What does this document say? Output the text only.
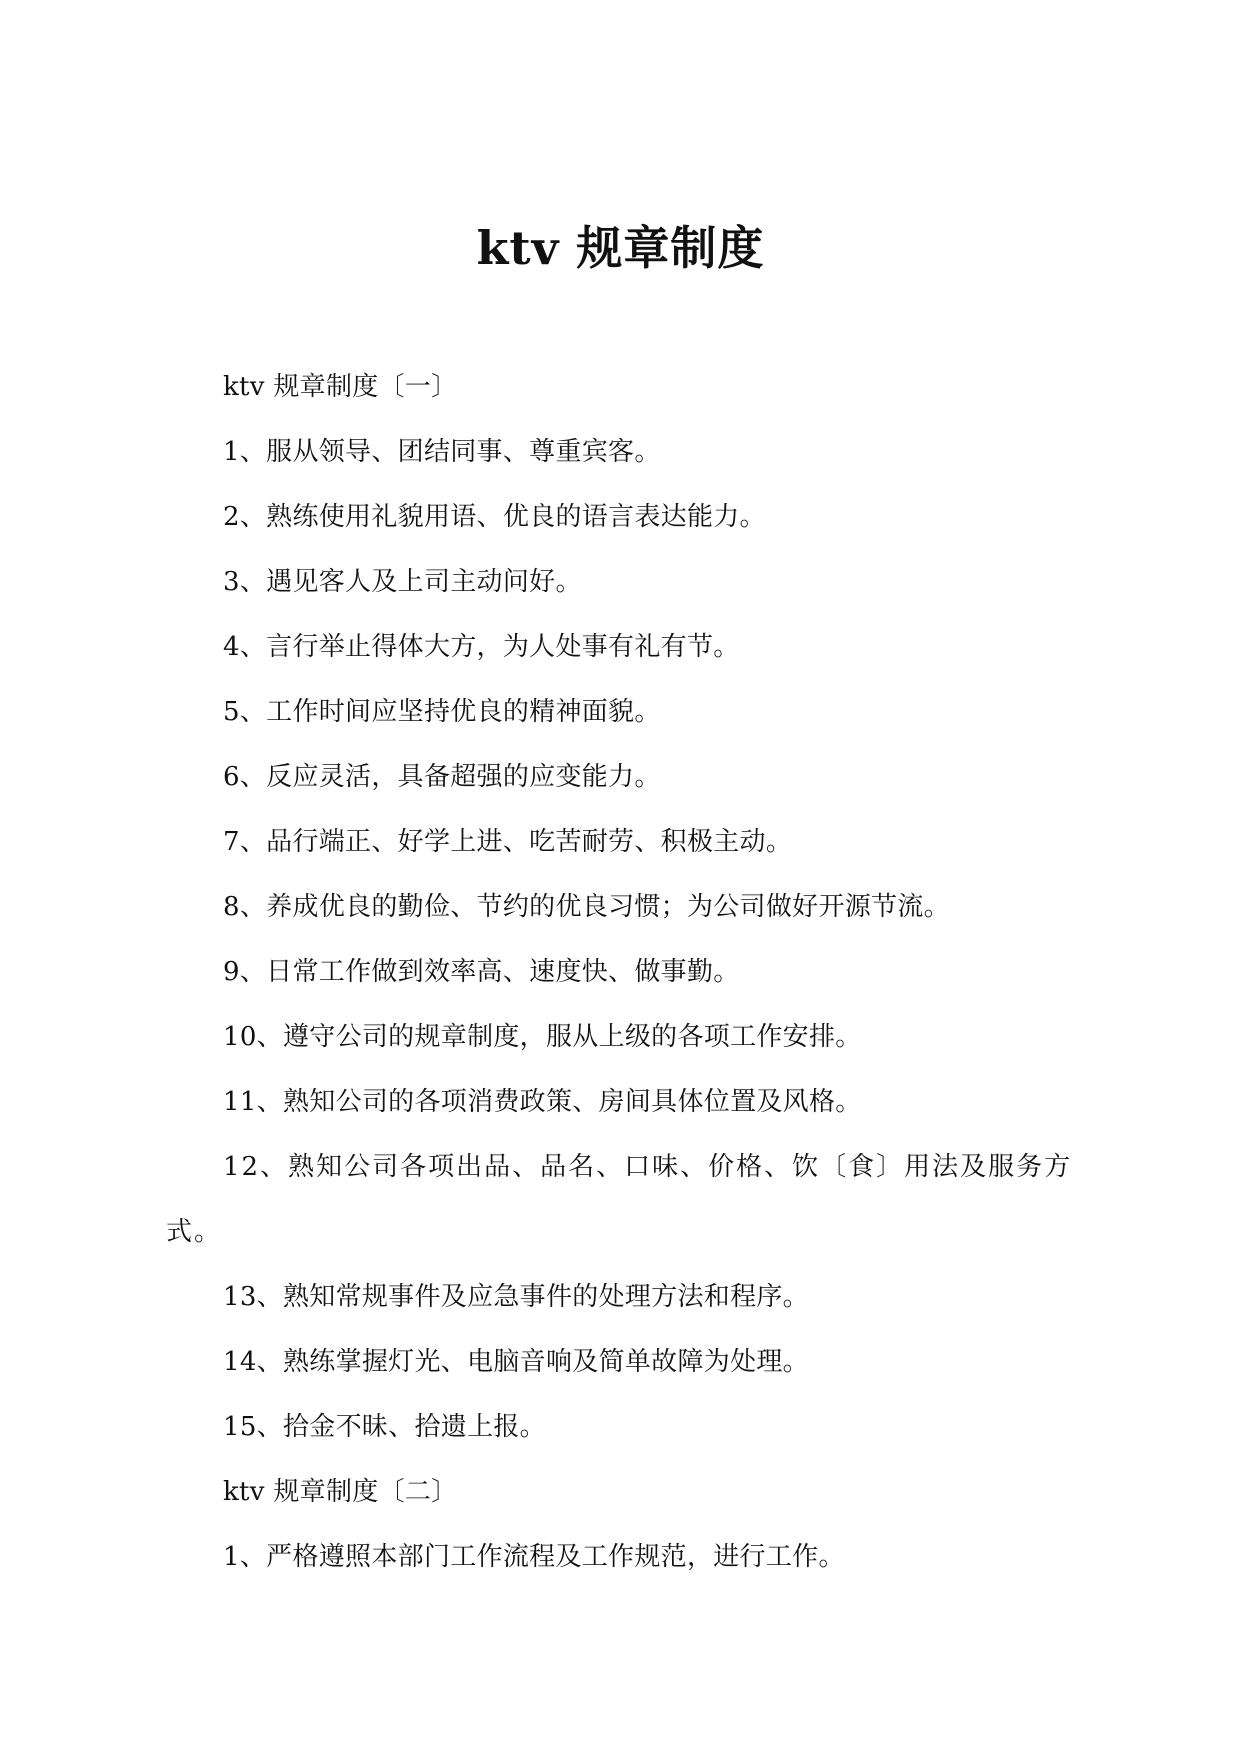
ktv 规章制度

ktv 规章制度〔一〕

1、服从领导、团结同事、尊重宾客。

2、熟练使用礼貌用语、优良的语言表达能力。

3、遇见客人及上司主动问好。

4、言行举止得体大方，为人处事有礼有节。

5、工作时间应坚持优良的精神面貌。

6、反应灵活，具备超强的应变能力。

7、品行端正、好学上进、吃苦耐劳、积极主动。

8、养成优良的勤俭、节约的优良习惯；为公司做好开源节流。

9、日常工作做到效率高、速度快、做事勤。

10、遵守公司的规章制度，服从上级的各项工作安排。

11、熟知公司的各项消费政策、房间具体位置及风格。

12、熟知公司各项出品、品名、口味、价格、饮〔食〕用法及服务方式。

13、熟知常规事件及应急事件的处理方法和程序。

14、熟练掌握灯光、电脑音响及简单故障为处理。

15、拾金不昧、拾遗上报。

ktv 规章制度〔二〕

1、严格遵照本部门工作流程及工作规范，进行工作。
